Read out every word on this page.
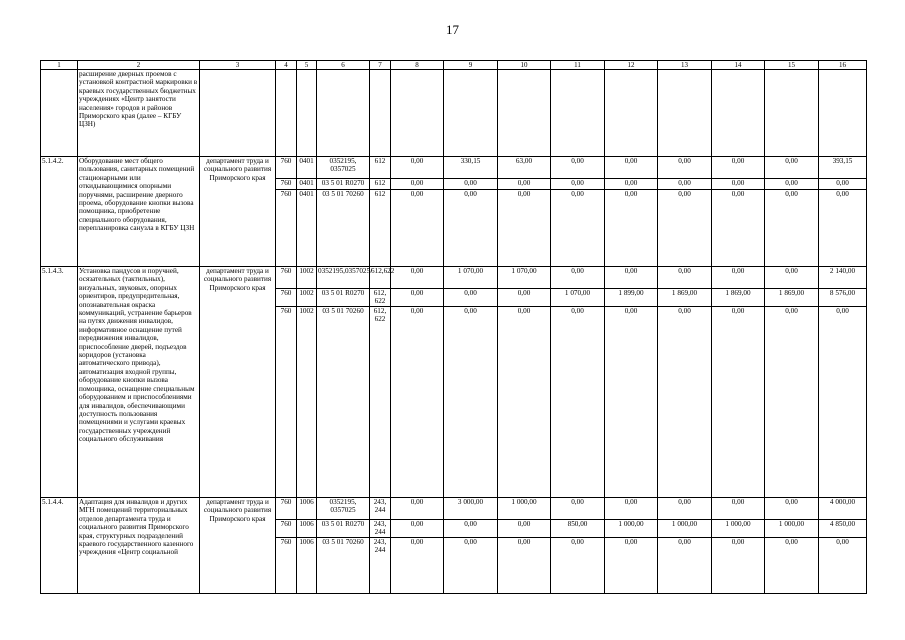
17
1	2	3	4	5	6	7	8	9	10	11	12	13	14	15	16
	расширение дверных проемов с установкой контрастной маркировки в краевых государственных бюджетных учреждениях «Центр занятости населения» городов и районов Приморского края (далее – КГБУ ЦЗН)														
5.1.4.2.	Оборудование мест общего пользования, санитарных помещений стационарными или откидывающимися опорными поручнями, расширение дверного проема, оборудование кнопки вызова помощника, приобретение специального оборудования, перепланировка санузла в КГБУ ЦЗН	департамент труда и социального развития Приморского края	760	0401	0352195, 0357025	612	0,00	330,15	63,00	0,00	0,00	0,00	0,00	0,00	393,15
			760	0401	03 5 01 R0270	612	0,00	0,00	0,00	0,00	0,00	0,00	0,00	0,00	0,00
			760	0401	03 5 01 70260	612	0,00	0,00	0,00	0,00	0,00	0,00	0,00	0,00	0,00
5.1.4.3.	Установка пандусов и поручней, осязательных (тактильных), визуальных, звуковых, опорных ориентиров, предупредительная, опознавательная окраска коммуникаций, устранение барьеров на путях движения инвалидов, информативное оснащение путей передвижения инвалидов, приспособление дверей, подъездов коридоров (установка автоматического привода), автоматизация входной группы, оборудование кнопки вызова помощника, оснащение специальным оборудованием и приспособлениями для инвалидов, обеспечивающими доступность пользования помещениями и услугами краевых государственных учреждений социального обслуживания	департамент труда и социального развития Приморского края	760	1002	0352195,0357025/	612,622	0,00	1 070,00	1 070,00	0,00	0,00	0,00	0,00	0,00	2 140,00
			760	1002	03 5 01 R0270	612, 622	0,00	0,00	0,00	1 070,00	1 899,00	1 869,00	1 869,00	1 869,00	8 576,00
			760	1002	03 5 01 70260	612, 622	0,00	0,00	0,00	0,00	0,00	0,00	0,00	0,00	0,00
5.1.4.4.	Адаптация для инвалидов и других МГН помещений территориальных отделов департамента труда и социального развития Приморского края, структурных подразделений краевого государственного казенного учреждения «Центр социальной	департамент труда и социального развития Приморского края	760	1006	0352195, 0357025	243, 244	0,00	3 000,00	1 000,00	0,00	0,00	0,00	0,00	0,00	4 000,00
			760	1006	03 5 01 R0270	243, 244	0,00	0,00	0,00	850,00	1 000,00	1 000,00	1 000,00	1 000,00	4 850,00
			760	1006	03 5 01 70260	243, 244	0,00	0,00	0,00	0,00	0,00	0,00	0,00	0,00	0,00
